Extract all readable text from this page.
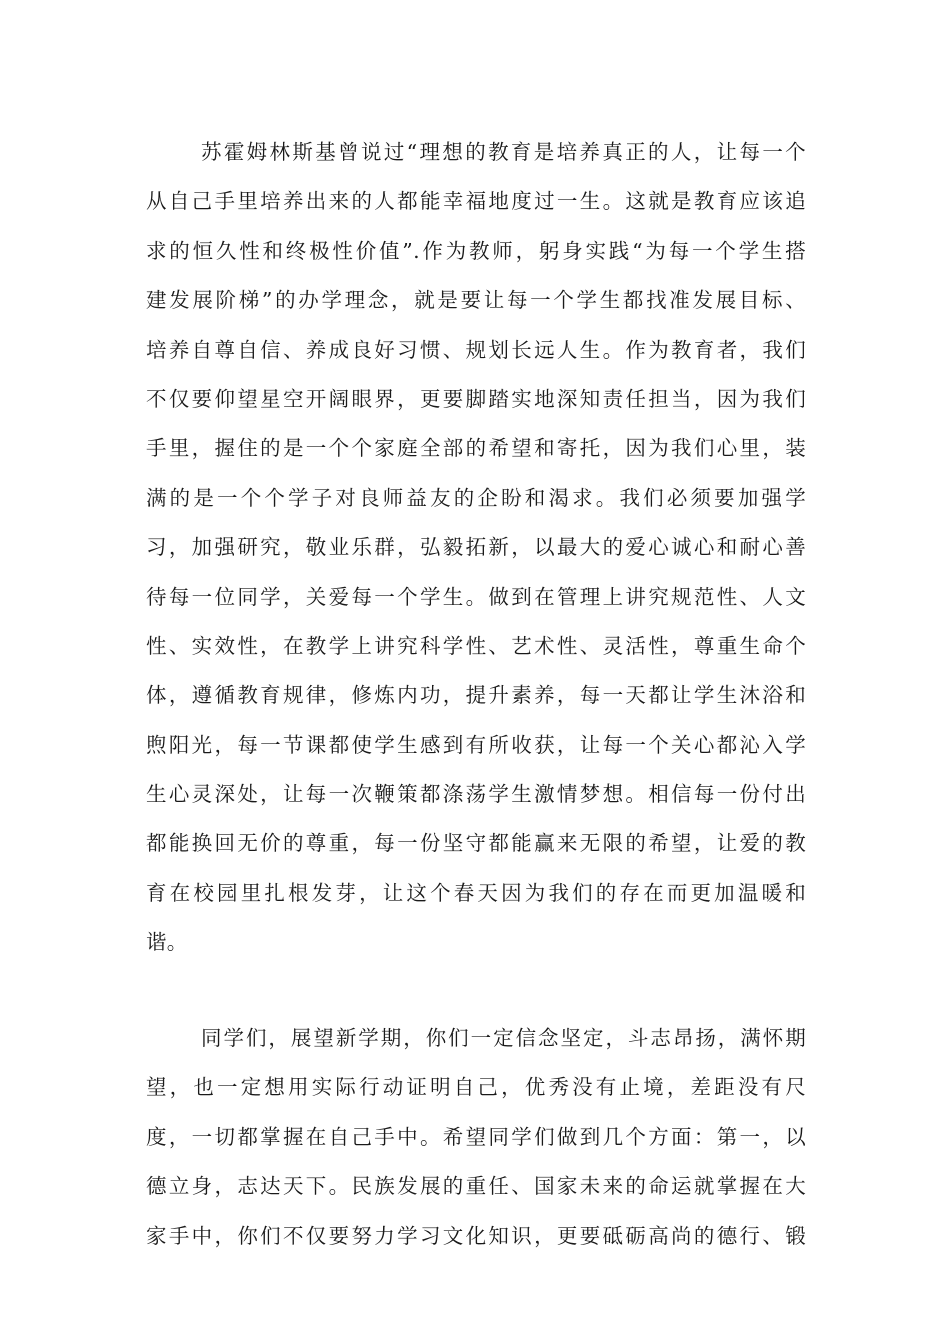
苏霍姆林斯基曾说过“理想的教育是培养真正的人，让每一个
从自己手里培养出来的人都能幸福地度过一生。这就是教育应该追
求的恒久性和终极性价值”.作为教师，躬身实践“为每一个学生搭
建发展阶梯”的办学理念，就是要让每一个学生都找准发展目标、
培养自尊自信、养成良好习惯、规划长远人生。作为教育者，我们
不仅要仰望星空开阔眼界，更要脚踏实地深知责任担当，因为我们
手里，握住的是一个个家庭全部的希望和寄托，因为我们心里，装
满的是一个个学子对良师益友的企盼和渴求。我们必须要加强学
习，加强研究，敬业乐群，弘毅拓新，以最大的爱心诚心和耐心善
待每一位同学，关爱每一个学生。做到在管理上讲究规范性、人文
性、实效性，在教学上讲究科学性、艺术性、灵活性，尊重生命个
体，遵循教育规律，修炼内功，提升素养，每一天都让学生沐浴和
煦阳光，每一节课都使学生感到有所收获，让每一个关心都沁入学
生心灵深处，让每一次鞭策都涤荡学生激情梦想。相信每一份付出
都能换回无价的尊重，每一份坚守都能赢来无限的希望，让爱的教
育在校园里扎根发芽，让这个春天因为我们的存在而更加温暖和
谐。
同学们，展望新学期，你们一定信念坚定，斗志昂扬，满怀期
望，也一定想用实际行动证明自己，优秀没有止境，差距没有尺
度，一切都掌握在自己手中。希望同学们做到几个方面：第一，以
德立身，志达天下。民族发展的重任、国家未来的命运就掌握在大
家手中，你们不仅要努力学习文化知识，更要砥砺高尚的德行、锻
